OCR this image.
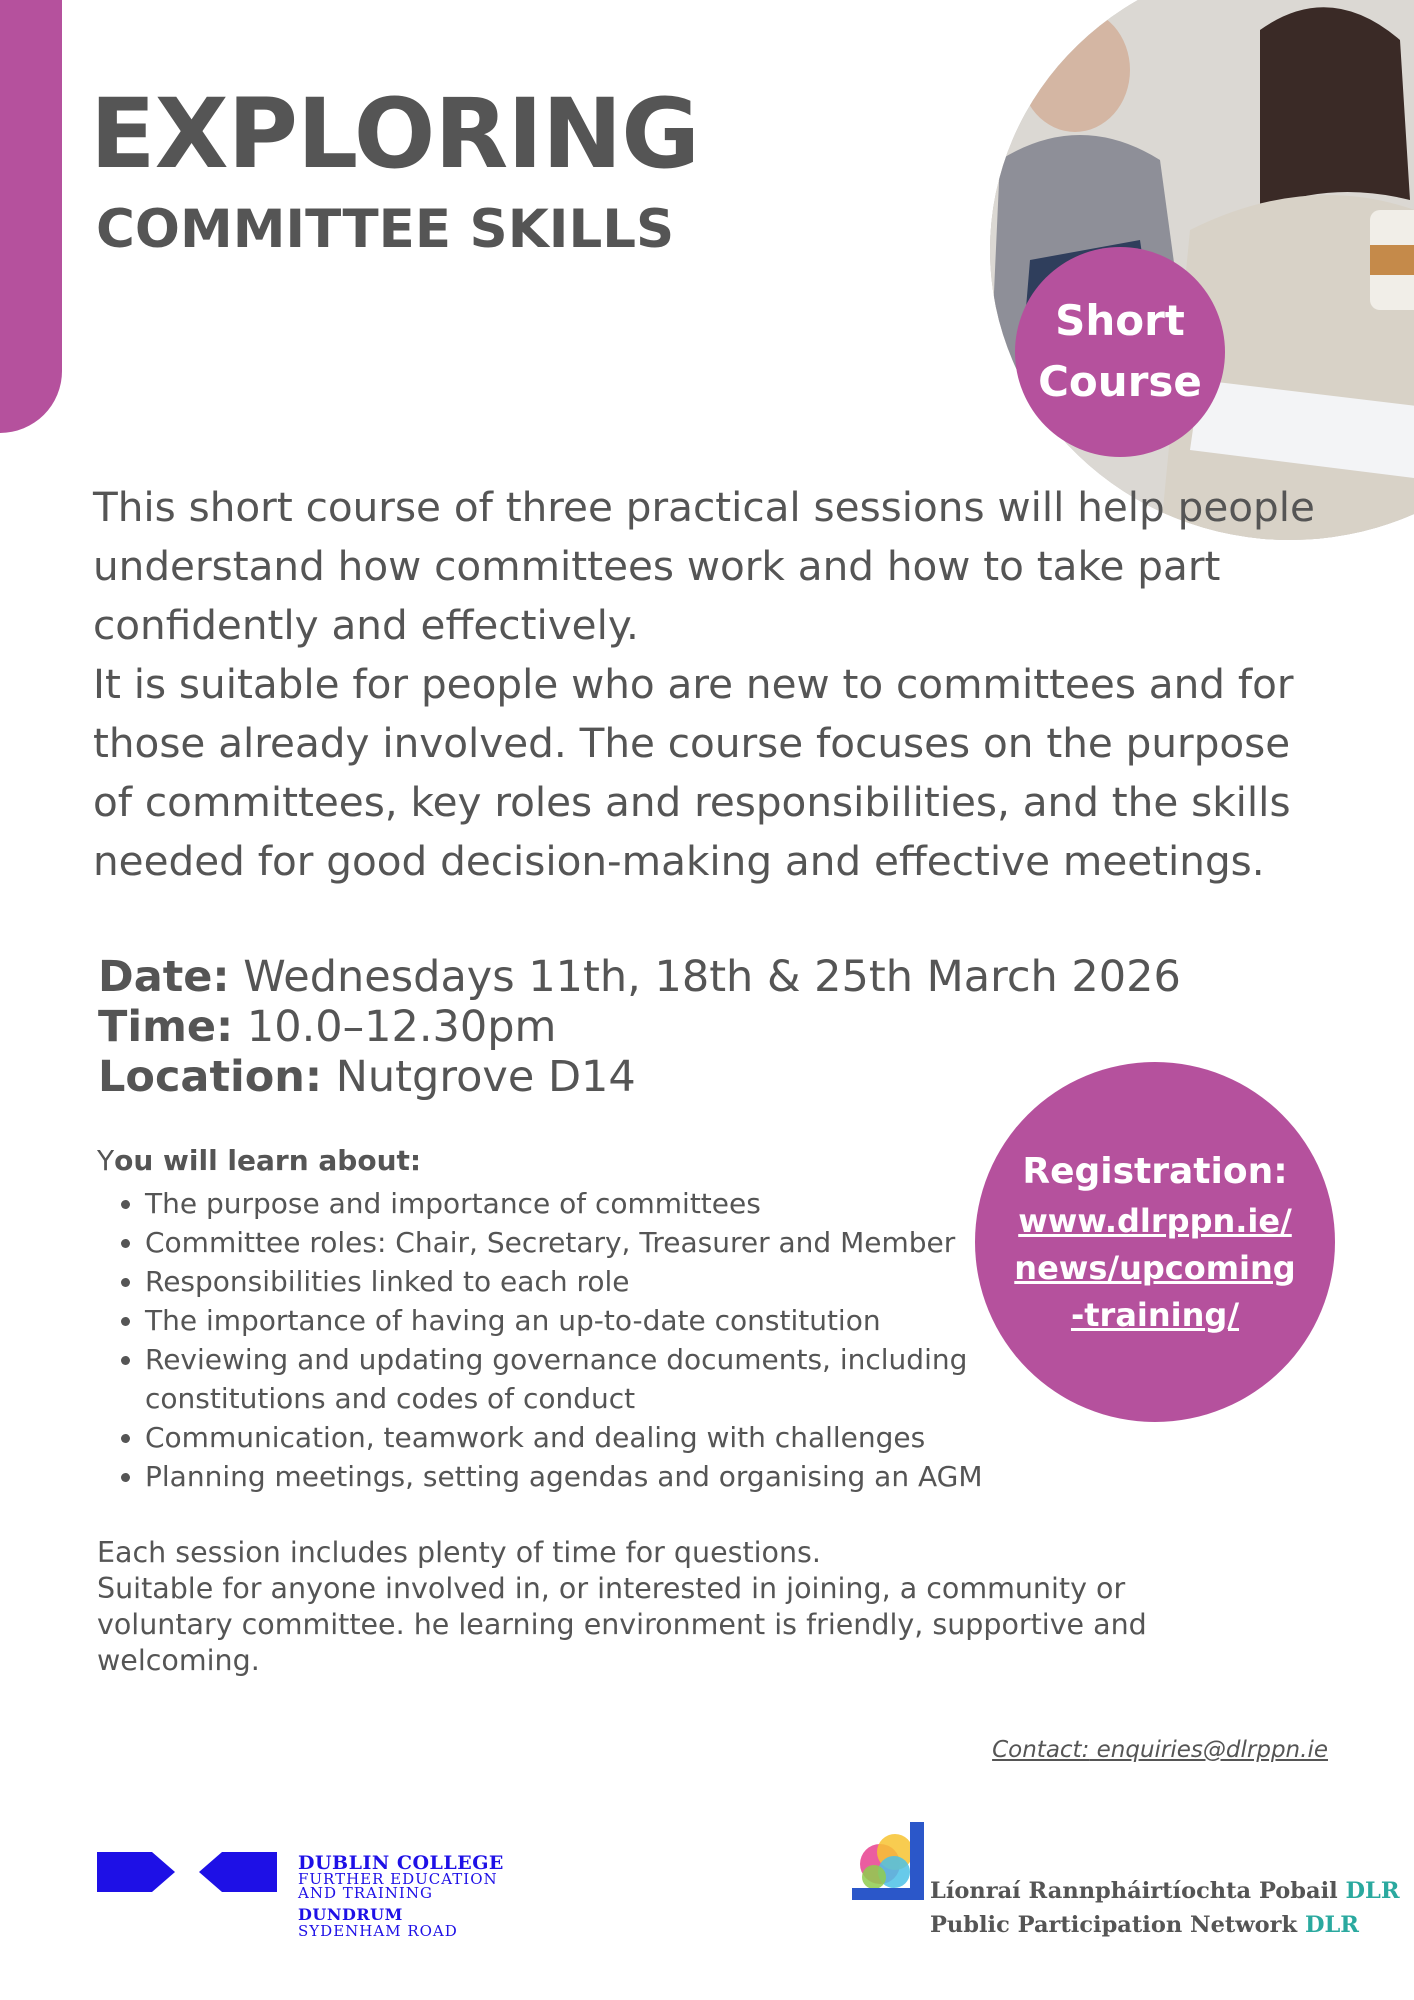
EXPLORING
COMMITTEE SKILLS
Short
Course

This short course of three practical sessions will help people understand how committees work and how to take part confidently and effectively.

It is suitable for people who are new to committees and for those already involved. The course focuses on the purpose of committees, key roles and responsibilities, and the skills needed for good decision-making and effective meetings.

Date: Wednesdays 11th, 18th & 25th March 2026
Time: 10.0–12.30pm
Location: Nutgrove D14
Registration:
www.dlrppn.ie/news/upcoming-training/
You will learn about:
• The purpose and importance of committees
• Committee roles: Chair, Secretary, Treasurer and Member
• Responsibilities linked to each role
• The importance of having an up-to-date constitution
• Reviewing and updating governance documents, including constitutions and codes of conduct
• Communication, teamwork and dealing with challenges
• Planning meetings, setting agendas and organising an AGM

Each session includes plenty of time for questions.

Suitable for anyone involved in, or interested in joining, a community or voluntary committee. he learning environment is friendly, supportive and welcoming.

Contact: enquiries@dlrppn.ie
DUBLIN COLLEGE
FURTHER EDUCATION
AND TRAINING
DUNDRUM
SYDENHAM ROAD
Líonraí Rannpháirtíochta Pobail DLR
Public Participation Network DLR
